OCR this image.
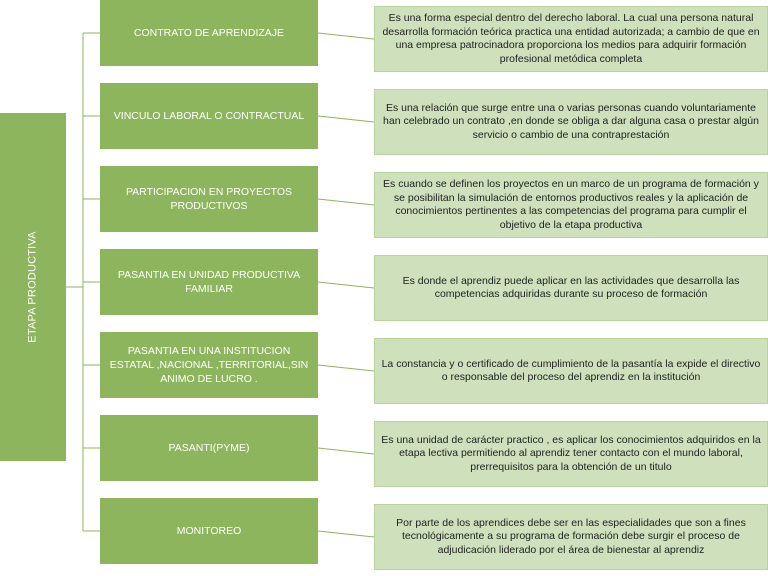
ETAPA PRODUCTIVA
CONTRATO DE APRENDIZAJE
Es una forma especial dentro del derecho laboral. La cual una persona natural desarrolla formación teórica practica una entidad autorizada; a cambio de que en una empresa patrocinadora proporciona los medios para adquirir formación profesional metódica completa
VINCULO LABORAL O CONTRACTUAL
Es una relación que surge entre una o varias personas cuando voluntariamente han celebrado un contrato ,en donde se obliga a dar alguna casa o prestar algún servicio o cambio de una contraprestación
PARTICIPACION EN PROYECTOS PRODUCTIVOS
Es cuando se definen los proyectos en un marco de un programa de formación y se posibilitan la simulación de entornos productivos reales y la aplicación de conocimientos pertinentes a las competencias del programa para cumplir el objetivo de la etapa productiva
PASANTIA EN UNIDAD PRODUCTIVA FAMILIAR
Es donde el aprendiz puede aplicar en las actividades que desarrolla las competencias adquiridas durante su proceso de formación
PASANTIA EN UNA INSTITUCION ESTATAL ,NACIONAL ,TERRITORIAL,SIN ANIMO DE LUCRO .
La constancia y o certificado de cumplimiento de la pasantía la expide el directivo o responsable del proceso del aprendiz en la institución
PASANTI(PYME)
Es una unidad de carácter practico , es aplicar los conocimientos adquiridos en la etapa lectiva permitiendo al aprendiz tener contacto con el mundo laboral, prerrequisitos para la obtención de un titulo
MONITOREO
Por parte de los aprendices debe ser en las especialidades que son a fines tecnológicamente a su programa de formación debe surgir el proceso de adjudicación liderado por el área de bienestar al aprendiz
